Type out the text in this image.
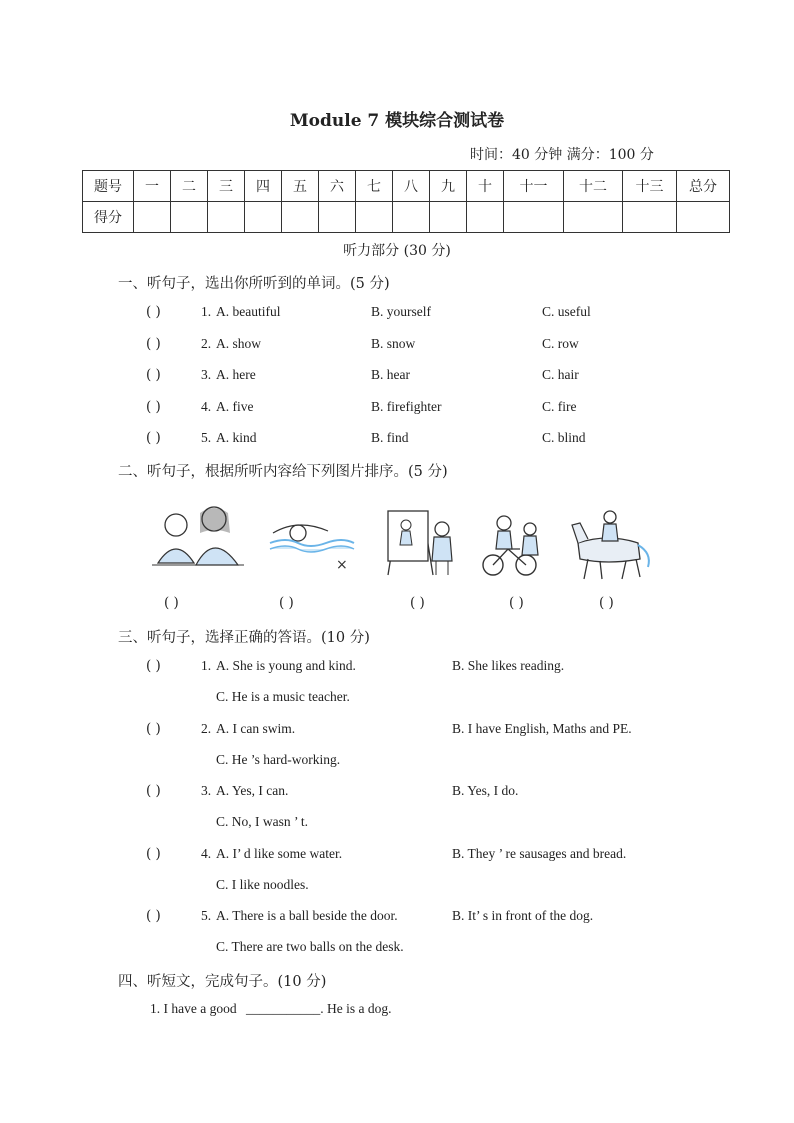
Module 7 模块综合测试卷
时间：40 分钟 满分：100 分
题号	一	二	三	四	五	六	七	八	九	十	十一	十二	十三	总分
得分														
听力部分 (30 分)
一、听句子，选出你所听到的单词。(5 分)
( )	1. A. beautiful	B. yourself	C. useful
( )	2. A. show	B. snow	C. row
( )	3. A. here	B. hear	C. hair
( )	4. A. five	B. firefighter	C. fire
( )	5. A. kind	B. find	C. blind
二、听句子，根据所听内容给下列图片排序。(5 分)
×
( )	( )	( )	( )	( )
三、听句子，选择正确的答语。(10 分)
( )	1. A. She is young and kind.	B. She likes reading.
C. He is a music teacher.
( )	2. A. I can swim.	B. I have English, Maths and PE.
C. He ’s hard-working.
( )	3. A. Yes, I can.	B. Yes, I do.
C. No, I wasn ’ t.
( )	4. A. I’ d like some water.	B. They ’ re sausages and bread.
C. I like noodles.
( )	5. A. There is a ball beside the door.	B. It’ s in front of the dog.
C. There are two balls on the desk.
四、听短文，完成句子。(10 分)
1. I have a good ___________. He is a dog.
